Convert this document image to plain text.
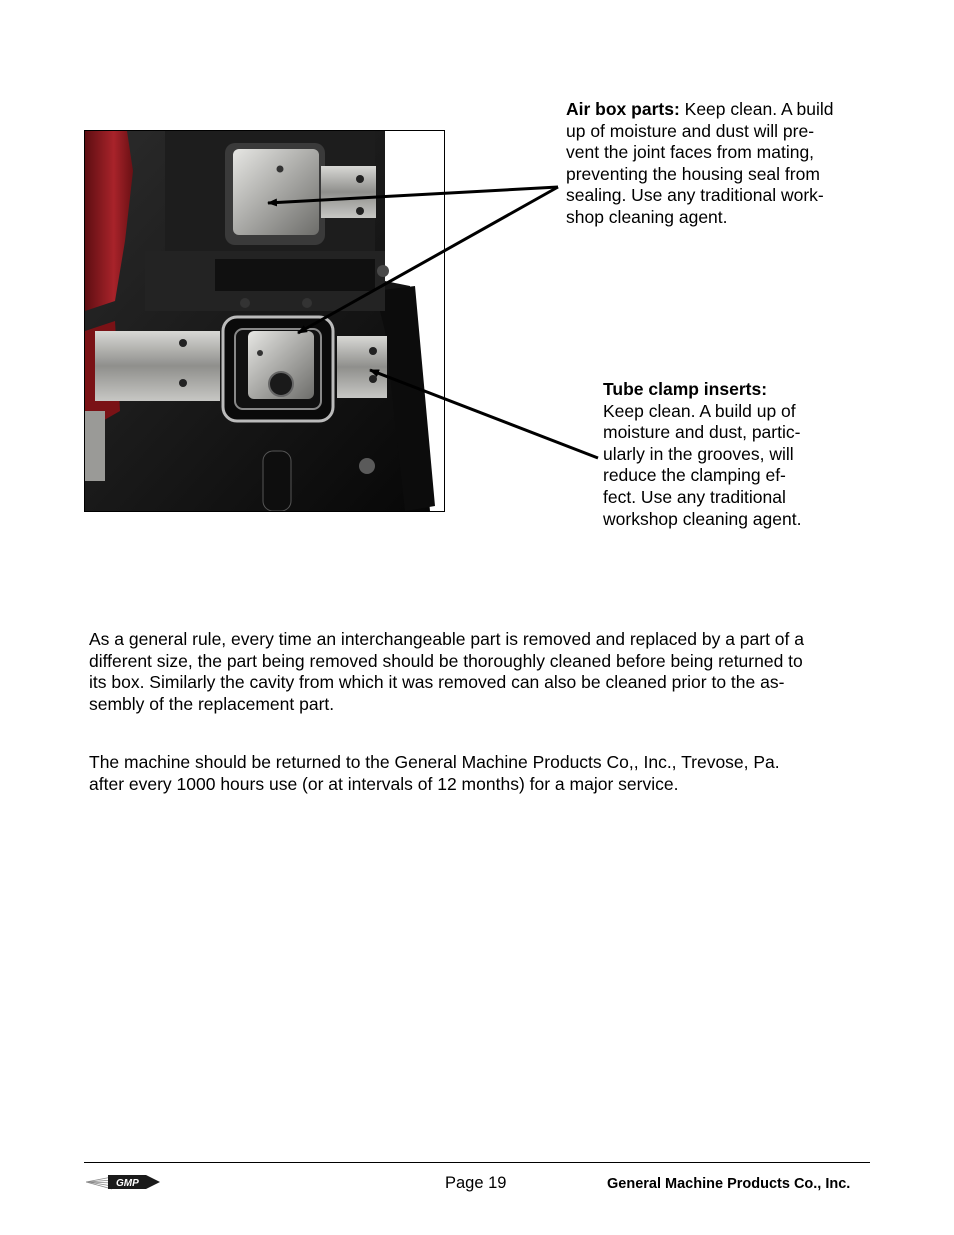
Air box parts: Keep clean. A build
up of moisture and dust will pre-
vent the joint faces from mating,
preventing the housing seal from
sealing. Use any traditional work-
shop cleaning agent.
Tube clamp inserts:
Keep clean. A build up of
moisture and dust, partic-
ularly in the grooves, will
reduce the clamping ef-
fect. Use any traditional
workshop cleaning agent.
As a general rule, every time an interchangeable part is removed and replaced by a part of a
different size, the part being removed should be thoroughly cleaned before being returned to
its box. Similarly the cavity from which it was removed can also be cleaned prior to the as-
sembly of the replacement part.
The machine should be returned to the General Machine Products Co,, Inc., Trevose, Pa.
after every 1000 hours use (or at intervals of 12 months) for a major service.
GMP	Page 19	General Machine Products Co., Inc.
